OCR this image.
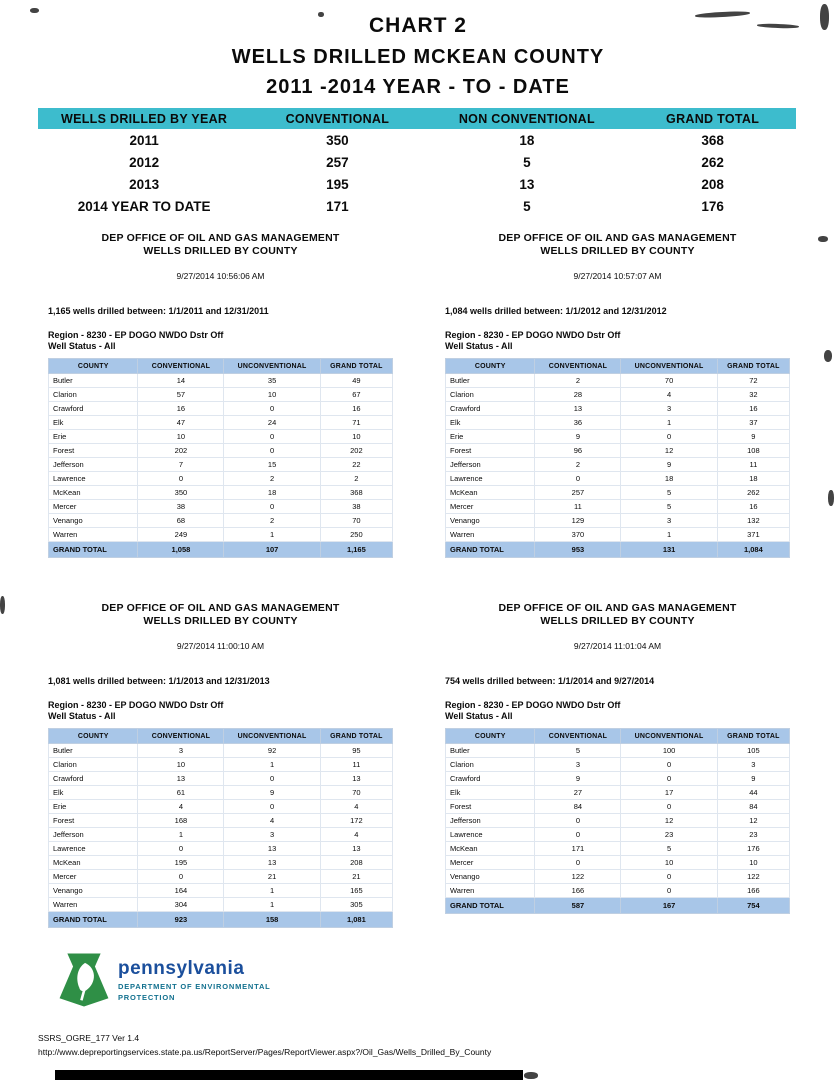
CHART 2
WELLS DRILLED MCKEAN COUNTY
2011 -2014 YEAR - TO - DATE
WELLS DRILLED BY YEAR	CONVENTIONAL	NON CONVENTIONAL	GRAND TOTAL
2011	350	18	368
2012	257	5	262
2013	195	13	208
2014 YEAR TO DATE	171	5	176
DEP OFFICE OF OIL AND GAS MANAGEMENT
WELLS DRILLED BY COUNTY
9/27/2014 10:56:06 AM
1,165 wells drilled between: 1/1/2011 and 12/31/2011
Region - 8230 - EP DOGO NWDO Dstr Off
Well Status - All
COUNTY	CONVENTIONAL	UNCONVENTIONAL	GRAND TOTAL
Butler	14	35	49
Clarion	57	10	67
Crawford	16	0	16
Elk	47	24	71
Erie	10	0	10
Forest	202	0	202
Jefferson	7	15	22
Lawrence	0	2	2
McKean	350	18	368
Mercer	38	0	38
Venango	68	2	70
Warren	249	1	250
GRAND TOTAL	1,058	107	1,165
DEP OFFICE OF OIL AND GAS MANAGEMENT
WELLS DRILLED BY COUNTY
9/27/2014 10:57:07 AM
1,084 wells drilled between: 1/1/2012 and 12/31/2012
Region - 8230 - EP DOGO NWDO Dstr Off
Well Status - All
COUNTY	CONVENTIONAL	UNCONVENTIONAL	GRAND TOTAL
Butler	2	70	72
Clarion	28	4	32
Crawford	13	3	16
Elk	36	1	37
Erie	9	0	9
Forest	96	12	108
Jefferson	2	9	11
Lawrence	0	18	18
McKean	257	5	262
Mercer	11	5	16
Venango	129	3	132
Warren	370	1	371
GRAND TOTAL	953	131	1,084
DEP OFFICE OF OIL AND GAS MANAGEMENT
WELLS DRILLED BY COUNTY
9/27/2014 11:00:10 AM
1,081 wells drilled between: 1/1/2013 and 12/31/2013
Region - 8230 - EP DOGO NWDO Dstr Off
Well Status - All
COUNTY	CONVENTIONAL	UNCONVENTIONAL	GRAND TOTAL
Butler	3	92	95
Clarion	10	1	11
Crawford	13	0	13
Elk	61	9	70
Erie	4	0	4
Forest	168	4	172
Jefferson	1	3	4
Lawrence	0	13	13
McKean	195	13	208
Mercer	0	21	21
Venango	164	1	165
Warren	304	1	305
GRAND TOTAL	923	158	1,081
DEP OFFICE OF OIL AND GAS MANAGEMENT
WELLS DRILLED BY COUNTY
9/27/2014 11:01:04 AM
754 wells drilled between: 1/1/2014 and 9/27/2014
Region - 8230 - EP DOGO NWDO Dstr Off
Well Status - All
COUNTY	CONVENTIONAL	UNCONVENTIONAL	GRAND TOTAL
Butler	5	100	105
Clarion	3	0	3
Crawford	9	0	9
Elk	27	17	44
Forest	84	0	84
Jefferson	0	12	12
Lawrence	0	23	23
McKean	171	5	176
Mercer	0	10	10
Venango	122	0	122
Warren	166	0	166
GRAND TOTAL	587	167	754
pennsylvania
DEPARTMENT OF ENVIRONMENTAL
PROTECTION
SSRS_OGRE_177 Ver 1.4
http://www.depreportingservices.state.pa.us/ReportServer/Pages/ReportViewer.aspx?/Oil_Gas/Wells_Drilled_By_County
